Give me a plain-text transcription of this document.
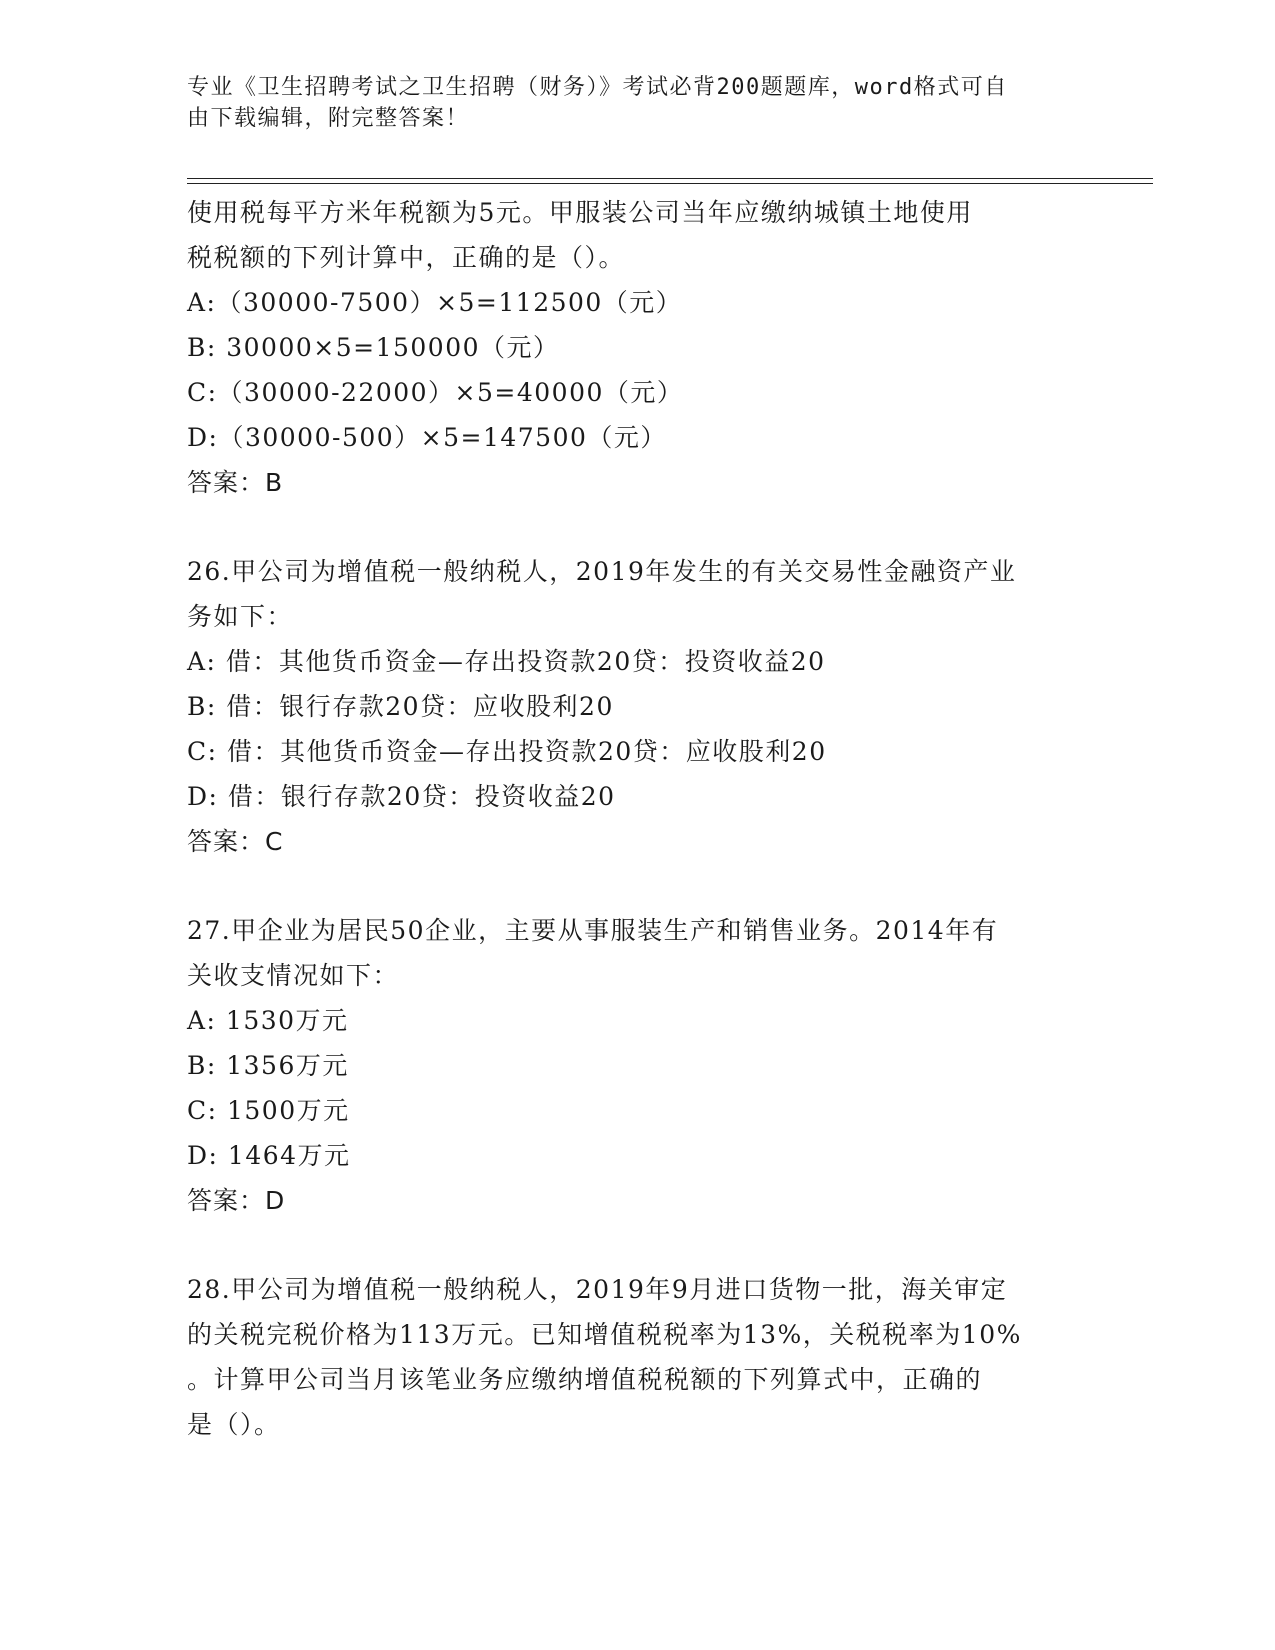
专业《卫生招聘考试之卫生招聘（财务）》考试必背200题题库，word格式可自
由下载编辑，附完整答案！
使用税每平方米年税额为5元。甲服装公司当年应缴纳城镇土地使用
税税额的下列计算中，正确的是（）。
A:（30000-7500）×5=112500（元）
B: 30000×5=150000（元）
C:（30000-22000）×5=40000（元）
D:（30000-500）×5=147500（元）
答案：B
26.甲公司为增值税一般纳税人，2019年发生的有关交易性金融资产业
务如下：
A: 借：其他货币资金—存出投资款20贷：投资收益20
B: 借：银行存款20贷：应收股利20
C: 借：其他货币资金—存出投资款20贷：应收股利20
D: 借：银行存款20贷：投资收益20
答案：C
27.甲企业为居民50企业，主要从事服装生产和销售业务。2014年有
关收支情况如下：
A: 1530万元
B: 1356万元
C: 1500万元
D: 1464万元
答案：D
28.甲公司为增值税一般纳税人，2019年9月进口货物一批，海关审定
的关税完税价格为113万元。已知增值税税率为13%，关税税率为10%
。计算甲公司当月该笔业务应缴纳增值税税额的下列算式中，正确的
是（）。
